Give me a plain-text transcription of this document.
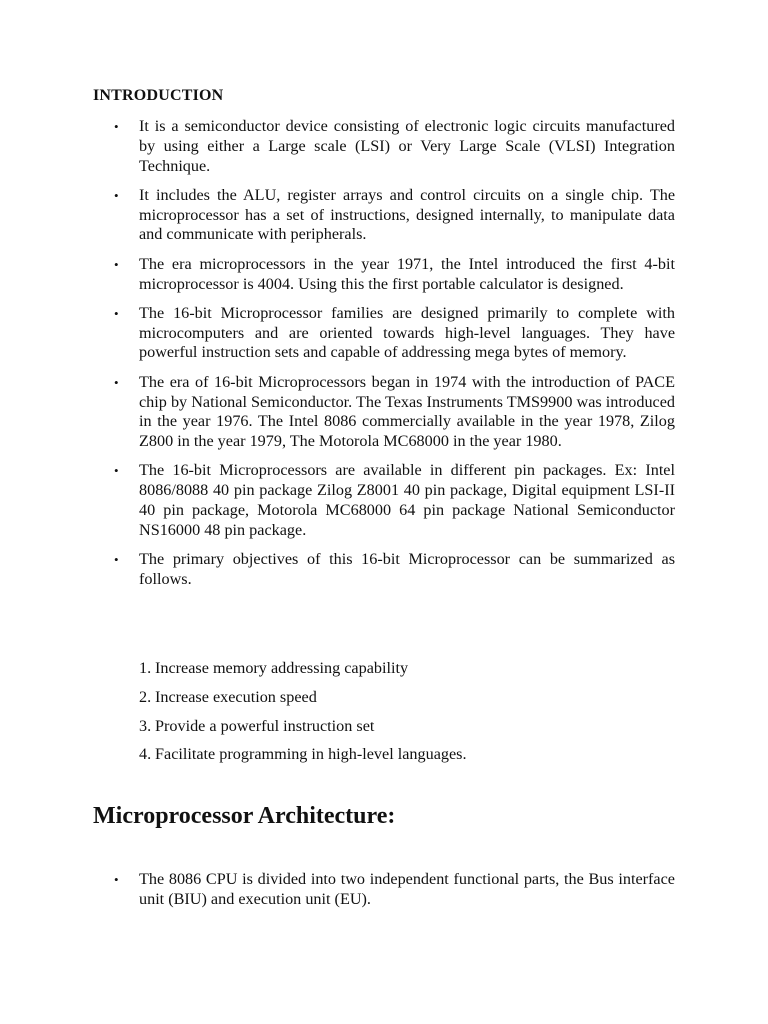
INTRODUCTION
• It is a semiconductor device consisting of electronic logic circuits manufactured by using either a Large scale (LSI) or Very Large Scale (VLSI) Integration Technique.
• It includes the ALU, register arrays and control circuits on a single chip. The microprocessor has a set of instructions, designed internally, to manipulate data and communicate with peripherals.
• The era microprocessors in the year 1971, the Intel introduced the first 4-bit microprocessor is 4004. Using this the first portable calculator is designed.
• The 16-bit Microprocessor families are designed primarily to complete with microcomputers and are oriented towards high-level languages. They have powerful instruction sets and capable of addressing mega bytes of memory.
• The era of 16-bit Microprocessors began in 1974 with the introduction of PACE chip by National Semiconductor. The Texas Instruments TMS9900 was introduced in the year 1976. The Intel 8086 commercially available in the year 1978, Zilog Z800 in the year 1979, The Motorola MC68000 in the year 1980.
• The 16-bit Microprocessors are available in different pin packages. Ex: Intel 8086/8088 40 pin package Zilog Z8001 40 pin package, Digital equipment LSI-II 40 pin package, Motorola MC68000 64 pin package National Semiconductor NS16000 48 pin package.
• The primary objectives of this 16-bit Microprocessor can be summarized as follows.
1. Increase memory addressing capability
2. Increase execution speed
3. Provide a powerful instruction set
4. Facilitate programming in high-level languages.
Microprocessor Architecture:
• The 8086 CPU is divided into two independent functional parts, the Bus interface unit (BIU) and execution unit (EU).
